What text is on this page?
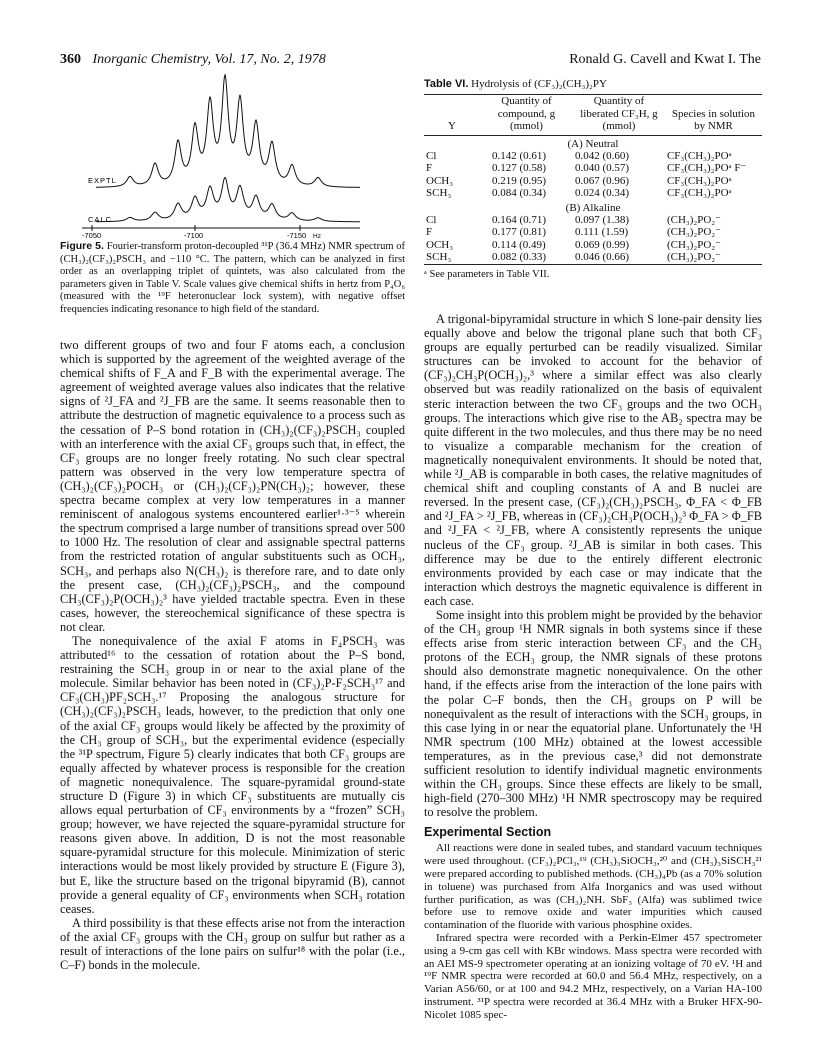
360 Inorganic Chemistry, Vol. 17, No. 2, 1978	Ronald G. Cavell and Kwat I. The
EXPTL
CALC
-7050	-7100	-7150 Hz
Figure 5. Fourier-transform proton-decoupled ³¹P (36.4 MHz) NMR spectrum of (CH₃)₂(CF₃)₂PSCH₃ and −110 °C. The pattern, which can be analyzed in first order as an overlapping triplet of quintets, was also calculated from the parameters given in Table V. Scale values give chemical shifts in hertz from P₄O₆ (measured with the ¹⁹F heteronuclear lock system), with negative offset frequencies indicating resonance to high field of the standard.
Table VI. Hydrolysis of (CF₃)₂(CH₃)₂PY
Y	Quantity of compound, g (mmol)	Quantity of liberated CF₃H, g (mmol)	Species in solution by NMR
(A) Neutral			
Cl	0.142 (0.61)	0.042 (0.60)	CF₃(CH₃)₂POᵃ
F	0.127 (0.58)	0.040 (0.57)	CF₃(CH₃)₂POᵃ F⁻
OCH₃	0.219 (0.95)	0.067 (0.96)	CF₃(CH₃)₂POᵃ
SCH₃	0.084 (0.34)	0.024 (0.34)	CF₃(CH₃)₂POᵃ
(B) Alkaline			
Cl	0.164 (0.71)	0.097 (1.38)	(CH₃)₂PO₂⁻
F	0.177 (0.81)	0.111 (1.59)	(CH₃)₂PO₂⁻
OCH₃	0.114 (0.49)	0.069 (0.99)	(CH₃)₂PO₂⁻
SCH₃	0.082 (0.33)	0.046 (0.66)	(CH₃)₂PO₂⁻
ᵃ See parameters in Table VII.

two different groups of two and four F atoms each, a conclusion which is supported by the agreement of the weighted average of the chemical shifts of F_A and F_B with the experimental average. The agreement of weighted average values also indicates that the relative signs of ²J_FA and ²J_FB are the same. It seems reasonable then to attribute the destruction of magnetic equivalence to a process such as the cessation of P–S bond rotation in (CH₃)₂(CF₃)₂PSCH₃ coupled with an interference with the axial CF₃ groups such that, in effect, the CF₃ groups are no longer freely rotating. No such clear spectral pattern was observed in the very low temperature spectra of (CH₃)₂(CF₃)₂POCH₃ or (CH₃)₂(CF₃)₂PN(CH₃)₂; however, these spectra became complex at very low temperatures in a manner reminiscent of analogous systems encountered earlier¹·³⁻⁵ wherein the spectrum comprised a large number of transitions spread over 500 to 1000 Hz. The resolution of clear and assignable spectral patterns from the restricted rotation of angular substituents such as OCH₃, SCH₃, and perhaps also N(CH₃)₂ is therefore rare, and to date only the present case, (CH₃)₂(CF₃)₂PSCH₃, and the compound CH₃(CF₃)₂P(OCH₃)₂³ have yielded tractable spectra. Even in these cases, however, the stereochemical significance of these spectra is not clear.

The nonequivalence of the axial F atoms in F₄PSCH₃ was attributed¹⁶ to the cessation of rotation about the P–S bond, restraining the SCH₃ group in or near to the axial plane of the molecule. Similar behavior has been noted in (CF₃)₂P-F₂SCH₃¹⁷ and CF₃(CH₃)PF₂SCH₃.¹⁷ Proposing the analogous structure for (CH₃)₂(CF₃)₂PSCH₃ leads, however, to the prediction that only one of the axial CF₃ groups would likely be affected by the proximity of the CH₃ group of SCH₃, but the experimental evidence (especially the ³¹P spectrum, Figure 5) clearly indicates that both CF₃ groups are equally affected by whatever process is responsible for the creation of magnetic nonequivalence. The square-pyramidal ground-state structure D (Figure 3) in which CF₃ substituents are mutually cis allows equal perturbation of CF₃ environments by a “frozen” SCH₃ group; however, we have rejected the square-pyramidal structure for reasons given above. In addition, D is not the most reasonable square-pyramidal structure for this molecule. Minimization of steric interactions would be most likely provided by structure E (Figure 3), but E, like the structure based on the trigonal bipyramid (B), cannot provide a general equality of CF₃ environments when SCH₃ rotation ceases.

A third possibility is that these effects arise not from the interaction of the axial CF₃ groups with the CH₃ group on sulfur but rather as a result of interactions of the lone pairs on sulfur¹⁸ with the polar (i.e., C–F) bonds in the molecule.

A trigonal-bipyramidal structure in which S lone-pair density lies equally above and below the trigonal plane such that both CF₃ groups are equally perturbed can be readily visualized. Similar structures can be invoked to account for the behavior of (CF₃)₂CH₃P(OCH₃)₂,³ where a similar effect was also clearly observed but was readily rationalized on the basis of equivalent steric interaction between the two CF₃ groups and the two OCH₃ groups. The interactions which give rise to the AB₂ spectra may be quite different in the two molecules, and thus there may be no need to visualize a comparable mechanism for the creation of magnetically nonequivalent environments. It should be noted that, while ²J_AB is comparable in both cases, the relative magnitudes of chemical shift and coupling constants of A and B nuclei are reversed. In the present case, (CF₃)₂(CH₃)₂PSCH₃, Φ_FA < Φ_FB and ²J_FA > ²J_FB, whereas in (CF₃)₂CH₃P(OCH₃)₂³ Φ_FA > Φ_FB and ²J_FA < ²J_FB, where A consistently represents the unique nucleus of the CF₃ group. ²J_AB is similar in both cases. This difference may be due to the entirely different electronic environments provided by each case or may indicate that the interaction which destroys the magnetic equivalence is different in each case.

Some insight into this problem might be provided by the behavior of the CH₃ group ¹H NMR signals in both systems since if these effects arise from steric interaction between CF₃ and the CH₃ protons of the ECH₃ group, the NMR signals of these protons should also demonstrate magnetic nonequivalence. On the other hand, if the effects arise from the interaction of the lone pairs with the polar C–F bonds, then the CH₃ groups on P will be nonequivalent as the result of interactions with the SCH₃ groups, in this case lying in or near the equatorial plane. Unfortunately the ¹H NMR spectrum (100 MHz) obtained at the lowest accessible temperatures, as in the previous case,³ did not demonstrate sufficient resolution to identify individual magnetic environments within the CH₃ groups. Since these effects are likely to be small, high-field (270–300 MHz) ¹H NMR spectroscopy may be required to resolve the problem.

Experimental Section

All reactions were done in sealed tubes, and standard vacuum techniques were used throughout. (CF₃)₂PCl₃,¹⁹ (CH₃)₃SiOCH₃,²⁰ and (CH₃)₃SiSCH₃²¹ were prepared according to published methods. (CH₃)₄Pb (as a 70% solution in toluene) was purchased from Alfa Inorganics and was used without further purification, as was (CH₃)₂NH. SbF₃ (Alfa) was sublimed twice before use to remove oxide and water impurities which caused contamination of the fluoride with various phosphine oxides.

Infrared spectra were recorded with a Perkin-Elmer 457 spectrometer using a 9-cm gas cell with KBr windows. Mass spectra were recorded with an AEI MS-9 spectrometer operating at an ionizing voltage of 70 eV. ¹H and ¹⁹F NMR spectra were recorded at 60.0 and 56.4 MHz, respectively, on a Varian A56/60, or at 100 and 94.2 MHz, respectively, on a Varian HA-100 instrument. ³¹P spectra were recorded at 36.4 MHz with a Bruker HFX-90-Nicolet 1085 spec-
